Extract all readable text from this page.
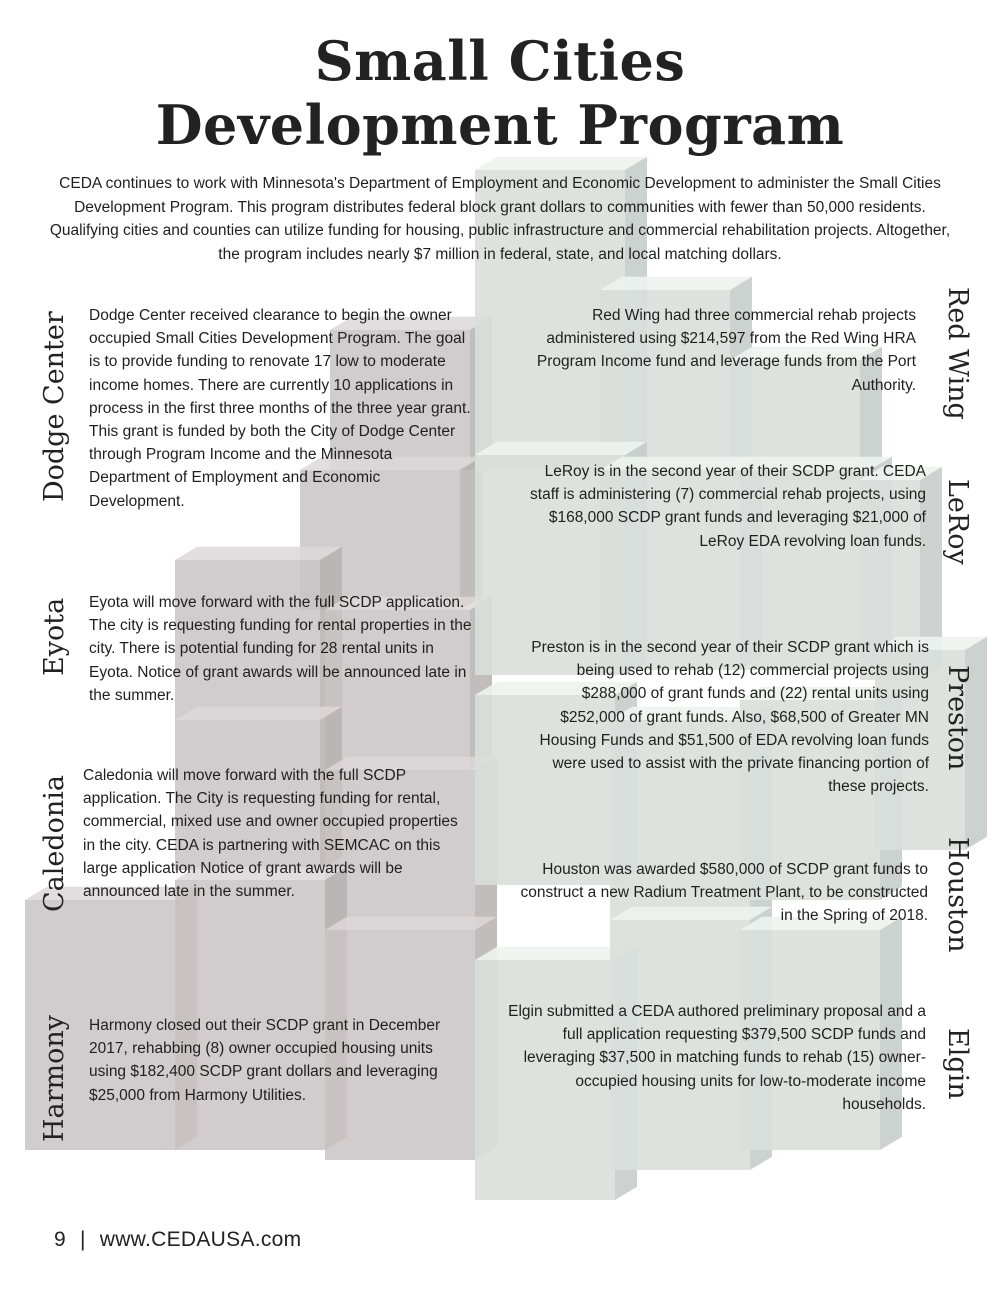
Small Cities
Development Program

CEDA continues to work with Minnesota's Department of Employment and Economic Development to administer the Small Cities Development Program. This program distributes federal block grant dollars to communities with fewer than 50,000 residents. Qualifying cities and counties can utilize funding for housing, public infrastructure and commercial rehabilitation projects. Altogether, the program includes nearly $7 million in federal, state, and local matching dollars.

Dodge Center Dodge Center received clearance to begin the owner occupied Small Cities Development Program. The goal is to provide funding to renovate 17 low to moderate income homes. There are currently 10 applications in process in the first three months of the three year grant. This grant is funded by both the City of Dodge Center through Program Income and the Minnesota Department of Employment and Economic Development.

Eyota Eyota will move forward with the full SCDP application. The city is requesting funding for rental properties in the city. There is potential funding for 28 rental units in Eyota. Notice of grant awards will be announced late in the summer.

Caledonia Caledonia will move forward with the full SCDP application. The City is requesting funding for rental, commercial, mixed use and owner occupied properties in the city. CEDA is partnering with SEMCAC on this large application Notice of grant awards will be announced late in the summer.

Harmony Harmony closed out their SCDP grant in December 2017, rehabbing (8) owner occupied housing units using $182,400 SCDP grant dollars and leveraging $25,000 from Harmony Utilities.

Red Wing

Red Wing had three commercial rehab projects administered using $214,597 from the Red Wing HRA Program Income fund and leverage funds from the Port Authority.

LeRoy

LeRoy is in the second year of their SCDP grant. CEDA staff is administering (7) commercial rehab projects, using $168,000 SCDP grant funds and leveraging $21,000 of LeRoy EDA revolving loan funds.

Preston

Preston is in the second year of their SCDP grant which is being used to rehab (12) commercial projects using $288,000 of grant funds and (22) rental units using $252,000 of grant funds. Also, $68,500 of Greater MN Housing Funds and $51,500 of EDA revolving loan funds were used to assist with the private financing portion of these projects.

Houston

Houston was awarded $580,000 of SCDP grant funds to construct a new Radium Treatment Plant, to be constructed in the Spring of 2018.

Elgin

Elgin submitted a CEDA authored preliminary proposal and a full application requesting $379,500 SCDP funds and leveraging $37,500 in matching funds to rehab (15) owner-occupied housing units for low-to-moderate income households.

9 | www.CEDAUSA.com
